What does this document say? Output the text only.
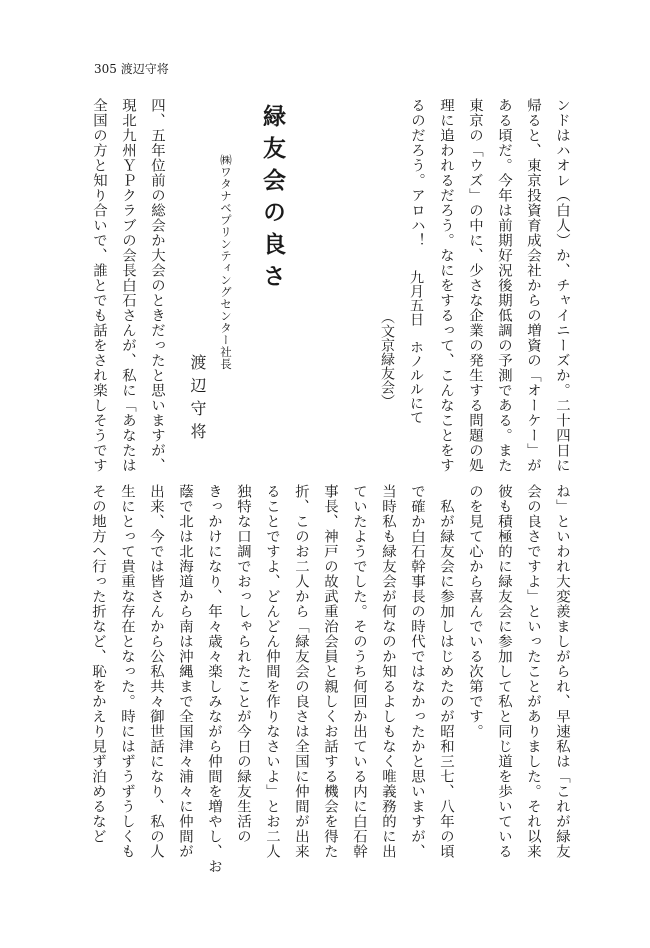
305 渡辺守将
ンドはハオレ（白人）か、チャイニーズか。二十四日に
帰ると、東京投資育成会社からの増資の「オーケー」が
ある頃だ。今年は前期好況後期低調の予測である。また
東京の「ウズ」の中に、少さな企業の発生する問題の処
理に追われるだろう。なにをするって、こんなことをす
るのだろう。アロハ！
九月五日　ホノルルにて
（文京緑友会）
緑友会の良さ
㈱ワタナベプリンティングセンター社長
渡辺守将
四、五年位前の総会か大会のときだったと思いますが、
現北九州ＹＰクラブの会長白石さんが、私に「あなたは
全国の方と知り合いで、誰とでも話をされ楽しそうです
ね」といわれ大変羨ましがられ、早速私は「これが緑友
会の良さですよ」といったことがありました。それ以来
彼も積極的に緑友会に参加して私と同じ道を歩いている
のを見て心から喜んでいる次第です。
　私が緑友会に参加しはじめたのが昭和三七、八年の頃
で確か白石幹事長の時代ではなかったかと思いますが、
当時私も緑友会が何なのか知るよしもなく唯義務的に出
ていたようでした。そのうち何回か出ている内に白石幹
事長、神戸の故武重治会員と親しくお話する機会を得た
折、このお二人から「緑友会の良さは全国に仲間が出来
ることですよ、どんどん仲間を作りなさいよ」とお二人
独特な口調でおっしゃられたことが今日の緑友生活の
きっかけになり、年々歳々楽しみながら仲間を増やし、お
蔭で北は北海道から南は沖縄まで全国津々浦々に仲間が
出来、今では皆さんから公私共々御世話になり、私の人
生にとって貴重な存在となった。時にはずうずうしくも
その地方へ行った折など、恥をかえり見ず泊めるなど
